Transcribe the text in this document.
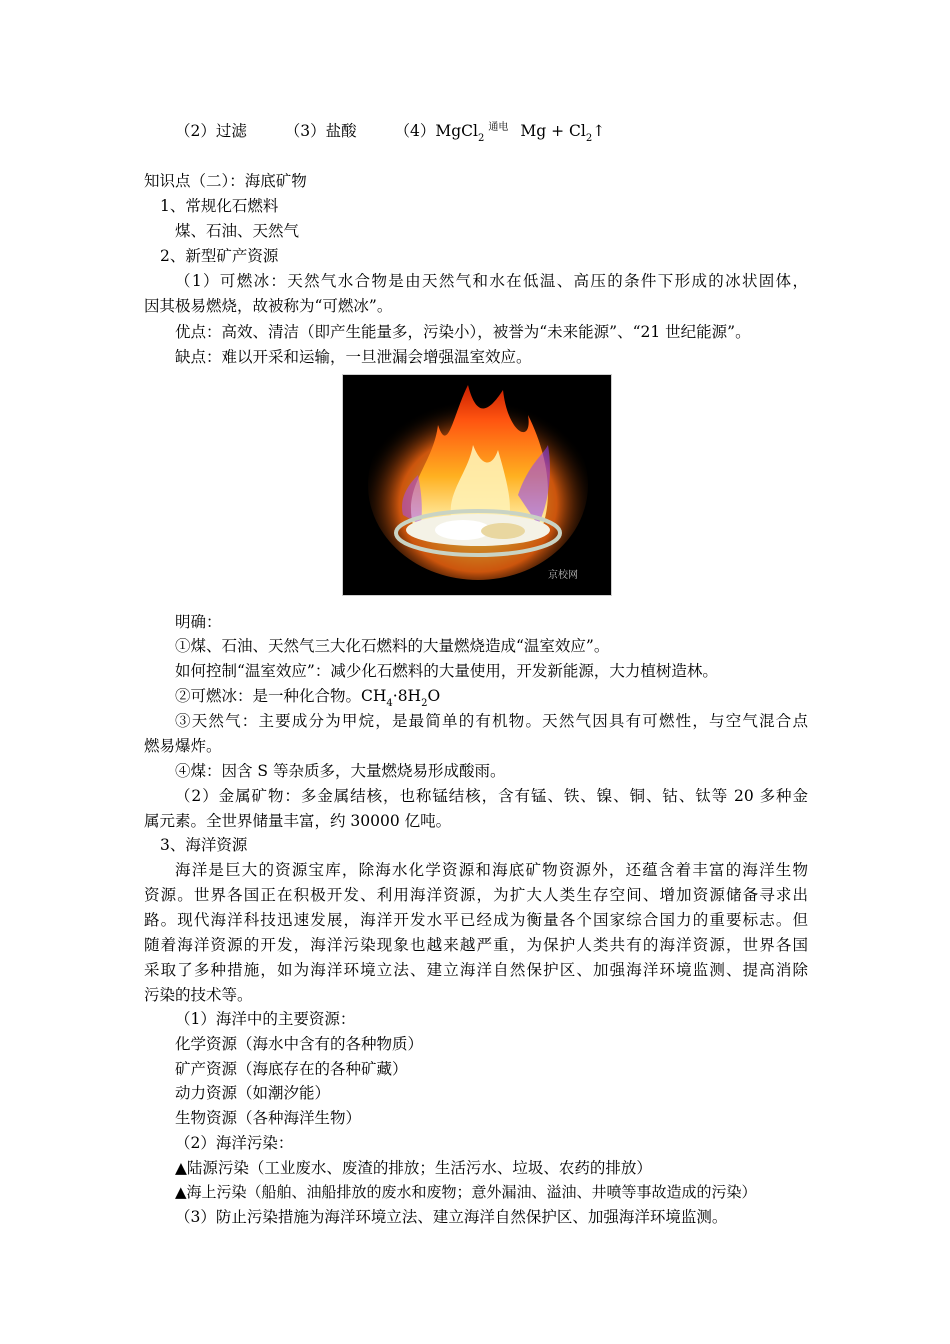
（2）过滤 （3）盐酸 （4）MgCl$_2^{通电}$ $Mg + Cl_2↑$
知识点（二）：海底矿物
1、常规化石燃料
煤、石油、天然气
2、新型矿产资源
（1）可燃冰：天然气水合物是由天然气和水在低温、高压的条件下形成的冰状固体，
因其极易燃烧，故被称为“可燃冰”。
优点：高效、清洁（即产生能量多，污染小），被誉为“未来能源”、“21 世纪能源”。
缺点：难以开采和运输，一旦泄漏会增强温室效应。
京校网
明确：
①煤、石油、天然气三大化石燃料的大量燃烧造成“温室效应”。
如何控制“温室效应”：减少化石燃料的大量使用，开发新能源，大力植树造林。
②可燃冰：是一种化合物。$CH_4\cdot 8H_2O$
③天然气：主要成分为甲烷，是最简单的有机物。天然气因具有可燃性，与空气混合点
燃易爆炸。
④煤：因含 S 等杂质多，大量燃烧易形成酸雨。
（2）金属矿物：多金属结核，也称锰结核，含有锰、铁、镍、铜、钴、钛等 20 多种金
属元素。全世界储量丰富，约 30000 亿吨。
3、海洋资源
海洋是巨大的资源宝库，除海水化学资源和海底矿物资源外，还蕴含着丰富的海洋生物
资源。世界各国正在积极开发、利用海洋资源，为扩大人类生存空间、增加资源储备寻求出
路。现代海洋科技迅速发展，海洋开发水平已经成为衡量各个国家综合国力的重要标志。但
随着海洋资源的开发，海洋污染现象也越来越严重，为保护人类共有的海洋资源，世界各国
采取了多种措施，如为海洋环境立法、建立海洋自然保护区、加强海洋环境监测、提高消除
污染的技术等。
（1）海洋中的主要资源：
化学资源（海水中含有的各种物质）
矿产资源（海底存在的各种矿藏）
动力资源（如潮汐能）
生物资源（各种海洋生物）
（2）海洋污染：
▲陆源污染（工业废水、废渣的排放；生活污水、垃圾、农药的排放）
▲海上污染（船舶、油船排放的废水和废物；意外漏油、溢油、井喷等事故造成的污染）
（3）防止污染措施为海洋环境立法、建立海洋自然保护区、加强海洋环境监测。
